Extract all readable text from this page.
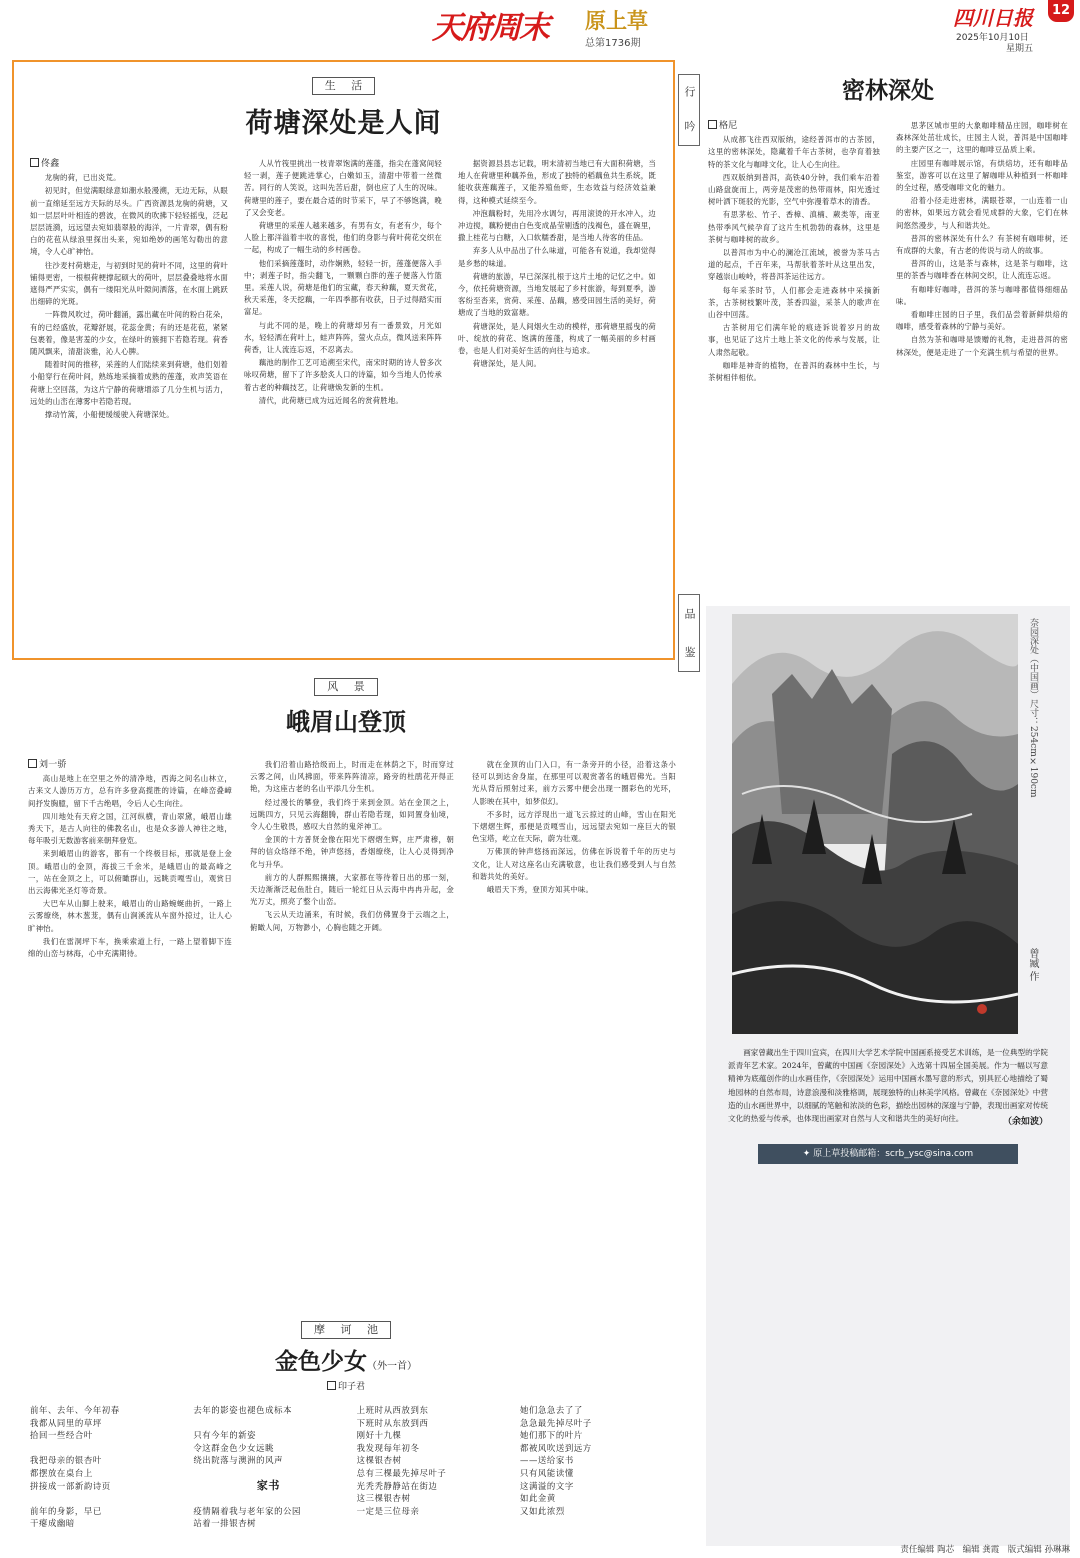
天府周末 原上草
总第1736期
四川日报
2025年10月10日
星期五
12
生 活
荷塘深处是人间
佟鑫

龙驹的荷，已出炎荒。

初见时，但觉满眼绿意如潮水般漫溯，无边无际，从眼前一直绵延至远方天际的尽头。广西资源县龙驹的荷塘，又如一层层叶叶相连的碧波，在微风的吹拂下轻轻摇曳，泛起层层涟漪，远远望去宛如翡翠般的海洋，一片青翠，偶有粉白的花苞从绿浪里探出头来，宛如绝妙的画笔勾勒出的意境，令人心旷神怡。

往沙麦村荷塘走，与初到时见的荷叶不同，这里的荷叶铺得更密，一根根荷梗撑起硕大的荷叶，层层叠叠地将水面遮得严严实实，偶有一缕阳光从叶隙间洒落，在水面上跳跃出细碎的光斑。

一阵微风吹过，荷叶翻涌，露出藏在叶间的粉白花朵，有的已经盛放，花瓣舒展，花蕊金黄；有的还是花苞，紧紧包裹着，像是害羞的少女，在绿叶的簇拥下若隐若现。荷香随风飘来，清甜淡雅，沁人心脾。

随着时间的推移，采莲的人们陆续来到荷塘，他们划着小船穿行在荷叶间，熟练地采摘着成熟的莲蓬，欢声笑语在荷塘上空回荡，为这片宁静的荷塘增添了几分生机与活力，远处的山峦在薄雾中若隐若现。

撑动竹篙，小船便缓缓驶入荷塘深处。

人从竹筏里挑出一枝青翠饱满的莲蓬，指尖在蓬窝间轻轻一剥，莲子便跳进掌心，白嫩如玉，清甜中带着一丝微苦。同行的人笑说，这叫先苦后甜，倒也应了人生的况味。荷塘里的莲子，要在最合适的时节采下，早了不够饱满，晚了又会变老。

荷塘里的采莲人越来越多，有男有女，有老有少，每个人脸上都洋溢着丰收的喜悦，他们的身影与荷叶荷花交织在一起，构成了一幅生动的乡村画卷。

他们采摘莲蓬时，动作娴熟，轻轻一折，莲蓬便落入手中；剥莲子时，指尖翻飞，一颗颗白胖的莲子便落入竹篮里。采莲人说，荷塘是他们的宝藏，春天种藕，夏天赏花，秋天采莲，冬天挖藕，一年四季都有收获，日子过得踏实而富足。

与此不同的是，晚上的荷塘却另有一番景致，月光如水，轻轻洒在荷叶上，蛙声阵阵，萤火点点，微风送来阵阵荷香，让人流连忘返，不忍离去。

藕池的制作工艺可追溯至宋代，南宋时期的诗人曾多次咏叹荷塘，留下了许多脍炙人口的诗篇，如今当地人仍传承着古老的种藕技艺，让荷塘焕发新的生机。

清代，此荷塘已成为远近闻名的赏荷胜地。

据资源县县志记载，明末清初当地已有大面积荷塘，当地人在荷塘里种藕养鱼，形成了独特的稻藕鱼共生系统，既能收获莲藕莲子，又能养殖鱼虾，生态效益与经济效益兼得，这种模式延续至今。

冲泡藕粉时，先用冷水调匀，再用滚烫的开水冲入，边冲边搅，藕粉便由白色变成晶莹剔透的浅褐色，盛在碗里，撒上桂花与白糖，入口软糯香甜，是当地人待客的佳品。

弃多人从中品出了什么味道，可能各有说道，我却觉得是乡愁的味道。

荷塘的旅游，早已深深扎根于这片土地的记忆之中。如今，依托荷塘资源，当地发展起了乡村旅游，每到夏季，游客纷至沓来，赏荷、采莲、品藕，感受田园生活的美好，荷塘成了当地的致富塘。

荷塘深处，是人间烟火生动的模样，那荷塘里摇曳的荷叶、绽放的荷花、饱满的莲蓬，构成了一幅美丽的乡村画卷，也是人们对美好生活的向往与追求。

荷塘深处，是人间。

风 景
峨眉山登顶
刘一骄

高山是地上在空里之外的清净地，西海之间名山林立，古来文人游历万方，总有许多登高揽胜的诗篇，在峰峦叠嶂间抒发胸臆，留下千古绝唱，令后人心生向往。

四川地处有天府之国，江河纵横，青山翠黛，峨眉山雄秀天下，是古人向往的佛教名山，也是众多游人神往之地，每年吸引无数游客前来朝拜登览。

来到峨眉山的游客，都有一个终极目标，那就是登上金顶。峨眉山的金顶，海拔三千余米，是峨眉山的最高峰之一，站在金顶之上，可以俯瞰群山，远眺贡嘎雪山，观赏日出云海佛光圣灯等奇景。

大巴车从山脚上驶来，峨眉山的山路蜿蜒曲折，一路上云雾缭绕，林木葱茏，偶有山涧溪流从车窗外掠过，让人心旷神怡。

我们在雷洞坪下车，换乘索道上行，一路上望着脚下连绵的山峦与林海，心中充满期待。

我们沿着山路拾级而上，时而走在林荫之下，时而穿过云雾之间，山风拂面，带来阵阵清凉，路旁的杜鹃花开得正艳，为这座古老的名山平添几分生机。

经过漫长的攀登，我们终于来到金顶。站在金顶之上，远眺四方，只见云海翻腾，群山若隐若现，如同置身仙境，令人心生敬畏，感叹大自然的鬼斧神工。

金顶的十方普贤金像在阳光下熠熠生辉，庄严肃穆，朝拜的信众络绎不绝，钟声悠扬，香烟缭绕，让人心灵得到净化与升华。

前方的人群熙熙攘攘，大家都在等待着日出的那一刻，天边渐渐泛起鱼肚白，随后一轮红日从云海中冉冉升起，金光万丈，照亮了整个山峦。

飞云从天边涌来，有时候，我们仿佛置身于云端之上，俯瞰人间，万物渺小，心胸也随之开阔。

就在金顶的山门入口，有一条旁开的小径，沿着这条小径可以到达舍身崖，在那里可以观赏著名的峨眉佛光。当阳光从背后照射过来，前方云雾中便会出现一圈彩色的光环，人影映在其中，如梦似幻。

不多时，远方浮现出一道飞云掠过的山峰，雪山在阳光下熠熠生辉，那便是贡嘎雪山，远远望去宛如一座巨大的银色宝塔，屹立在天际，蔚为壮观。

万佛顶的钟声悠扬而深远，仿佛在诉说着千年的历史与文化，让人对这座名山充满敬意，也让我们感受到人与自然和谐共处的美好。

峨眉天下秀，登顶方知其中味。

行 吟
品 鉴
密林深处
格尼

从成都飞往西双版纳，途经普洱市的古茶园，这里的密林深处，隐藏着千年古茶树，也孕育着独特的茶文化与咖啡文化，让人心生向往。

西双版纳到普洱，高铁40分钟，我们乘车沿着山路盘旋而上，两旁是茂密的热带雨林，阳光透过树叶洒下斑驳的光影，空气中弥漫着草木的清香。

有思茅松、竹子、香樟、滇楠、蕨类等，南亚热带季风气候孕育了这片生机勃勃的森林，这里是茶树与咖啡树的故乡。

以普洱市为中心的澜沧江流域，被誉为茶马古道的起点，千百年来，马帮驮着茶叶从这里出发，穿越崇山峻岭，将普洱茶运往远方。

每年采茶时节，人们都会走进森林中采摘新茶，古茶树枝繁叶茂，茶香四溢，采茶人的歌声在山谷中回荡。

古茶树用它们满年轮的痕迹诉说着岁月的故事，也见证了这片土地上茶文化的传承与发展，让人肃然起敬。

咖啡是神奇的植物，在普洱的森林中生长，与茶树相伴相依。

思茅区城市里的大象咖啡精品庄园，咖啡树在森林深处茁壮成长，庄园主人说，普洱是中国咖啡的主要产区之一，这里的咖啡豆品质上乘。

庄园里有咖啡展示馆，有烘焙坊，还有咖啡品鉴室，游客可以在这里了解咖啡从种植到一杯咖啡的全过程，感受咖啡文化的魅力。

沿着小径走进密林，满眼苍翠，一山连着一山的密林，如果远方就会看见成群的大象，它们在林间悠然漫步，与人和谐共处。

普洱的密林深处有什么？有茶树有咖啡树，还有成群的大象，有古老的传说与动人的故事。

普洱的山，这是茶与森林，这是茶与咖啡，这里的茶香与咖啡香在林间交织，让人流连忘返。

有咖啡好咖啡，普洱的茶与咖啡都值得细细品味。

看咖啡庄园的日子里，我们品尝着新鲜烘焙的咖啡，感受着森林的宁静与美好。

自然为茶和咖啡是馈赠的礼物，走进普洱的密林深处，便是走进了一个充满生机与希望的世界。

奈园深处（中国画）尺寸：254cm×190cm
曾臧 作
画家曾藏出生于四川宜宾，在四川大学艺术学院中国画系接受艺术训练，是一位典型的学院派青年艺术家。2024年，曾藏的中国画《奈园深处》入选第十四届全国美展。作为一幅以写意精神为底蕴创作的山水画佳作，《奈园深处》运用中国画水墨写意的形式，别具匠心地描绘了蜀地园林的自然布局，诗意浪漫和淡雅格调，展现独特的山林美学风格。曾藏在《奈园深处》中营造的山水画世界中，以细腻的笔触和浓淡的色彩，描绘出园林的深邃与宁静，表现出画家对传统文化的热爱与传承，也体现出画家对自然与人文和谐共生的美好向往。	（余如波）
✦ 原上草投稿邮箱：scrb_ysc@sina.com
摩 诃 池
金色少女（外一首）
印子君
前年、去年、今年初春
我都从同里的草坪
拾回一些经合叶
我把母亲的银杏叶
都摆放在桌台上
拼接成一部新韵诗页
前年的身影，早已
干瘪成幽暗
去年的影姿也褪色成标本
只有今年的新姿
令这群金色少女远眺
绕出院落与澳洲的风声
家书
疫情隔着我与老年家的公园
站着一排银杏树
上班时从西放到东
下班时从东放到西
刚好十九棵
我发现每年初冬
这棵银杏树
总有三棵最先掉尽叶子
光秃秃静静站在街边
这三棵银杏树
一定是三位母亲
她们急急去了了
急急最先掉尽叶子
她们那下的叶片
都被风吹送到远方
——送给家书
只有风能读懂
这满溢的文字
如此金黄
又如此浓烈
责任编辑 陶芯　编辑 龚霞　版式编辑 孙琳琳
